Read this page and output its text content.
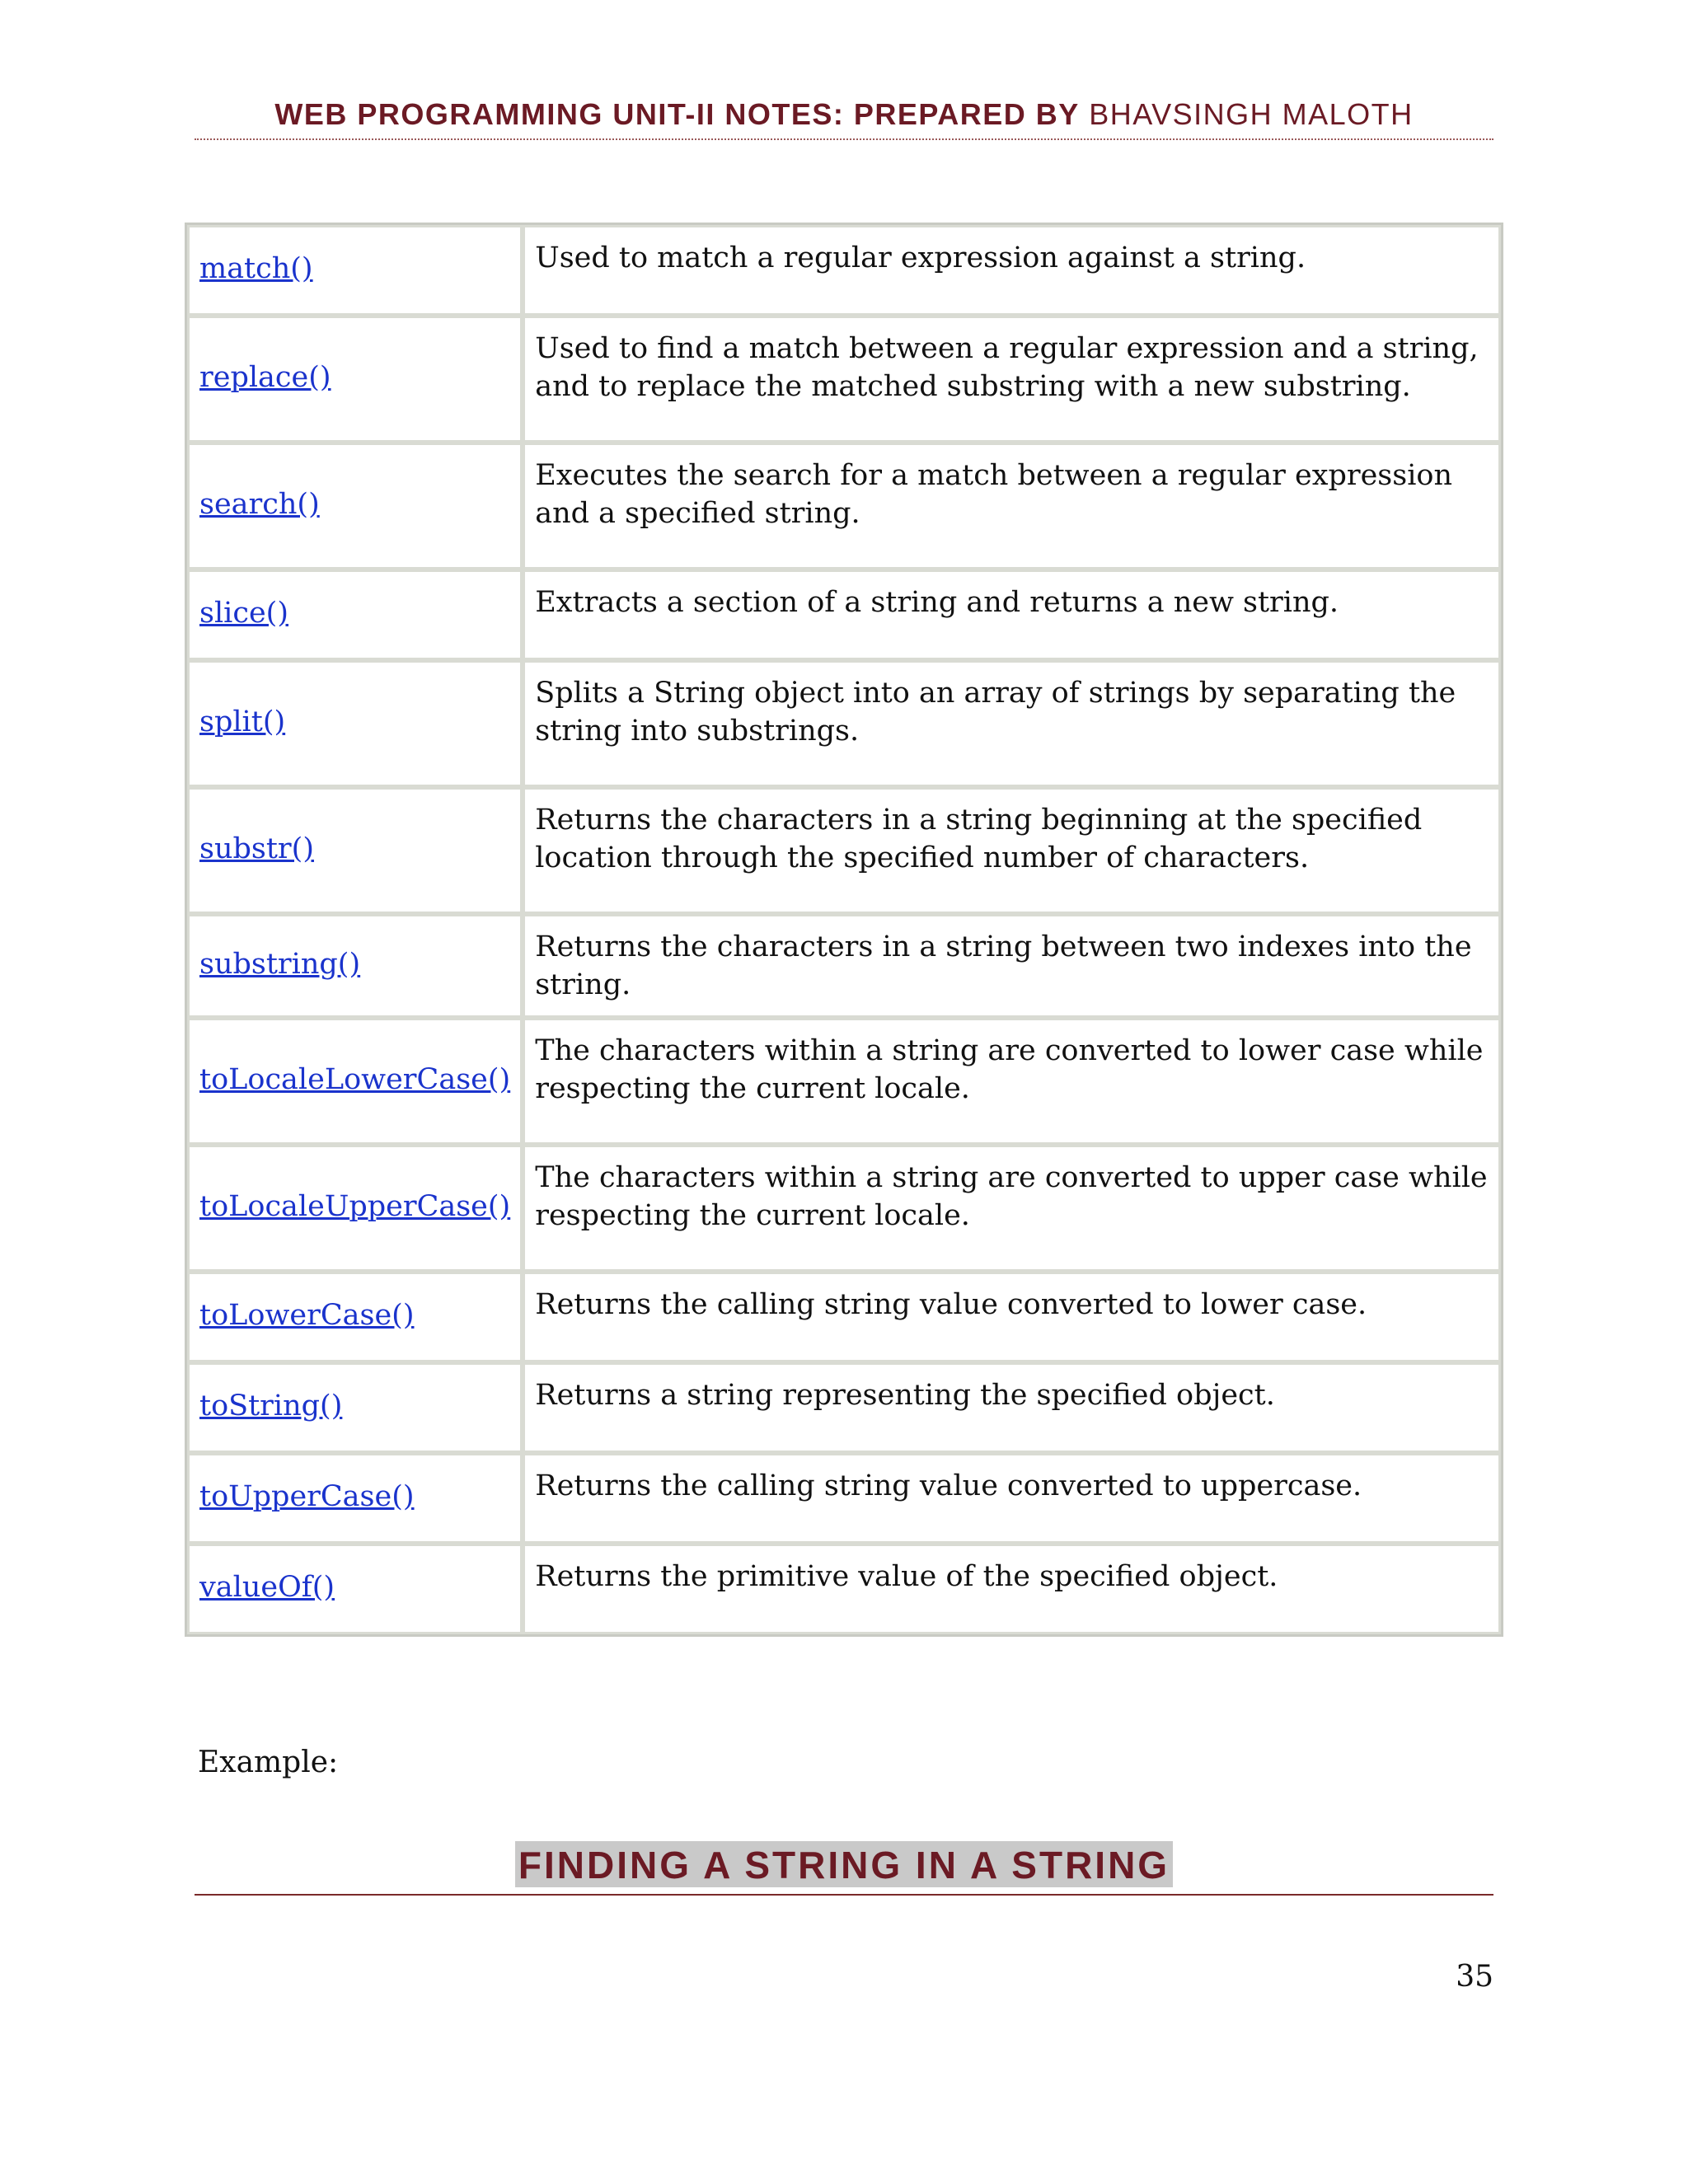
WEB PROGRAMMING UNIT-II NOTES: PREPARED BY BHAVSINGH MALOTH
match()	Used to match a regular expression against a string.
replace()	Used to find a match between a regular expression and a string, and to replace the matched substring with a new substring.
search()	Executes the search for a match between a regular expression and a specified string.
slice()	Extracts a section of a string and returns a new string.
split()	Splits a String object into an array of strings by separating the string into substrings.
substr()	Returns the characters in a string beginning at the specified location through the specified number of characters.
substring()	Returns the characters in a string between two indexes into the string.
toLocaleLowerCase()	The characters within a string are converted to lower case while respecting the current locale.
toLocaleUpperCase()	The characters within a string are converted to upper case while respecting the current locale.
toLowerCase()	Returns the calling string value converted to lower case.
toString()	Returns a string representing the specified object.
toUpperCase()	Returns the calling string value converted to uppercase.
valueOf()	Returns the primitive value of the specified object.
Example:
FINDING A STRING IN A STRING
35
